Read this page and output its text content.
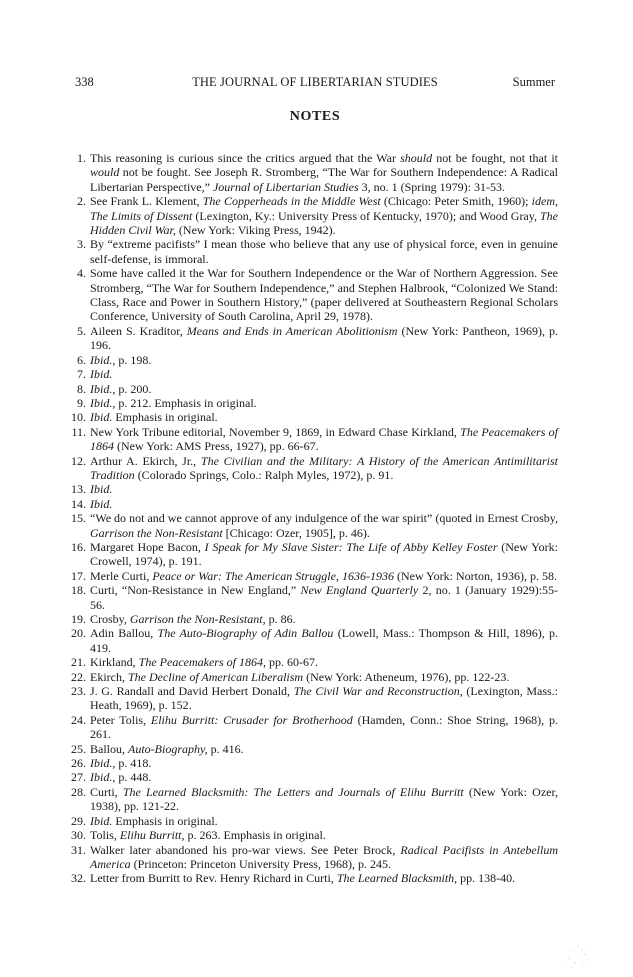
338	THE JOURNAL OF LIBERTARIAN STUDIES	Summer
NOTES
1. This reasoning is curious since the critics argued that the War should not be fought, not that it would not be fought. See Joseph R. Stromberg, “The War for Southern Independence: A Radical Libertarian Perspective,” Journal of Libertarian Studies 3, no. 1 (Spring 1979): 31-53.
2. See Frank L. Klement, The Copperheads in the Middle West (Chicago: Peter Smith, 1960); idem, The Limits of Dissent (Lexington, Ky.: University Press of Kentucky, 1970); and Wood Gray, The Hidden Civil War, (New York: Viking Press, 1942).
3. By “extreme pacifists” I mean those who believe that any use of physical force, even in genuine self-defense, is immoral.
4. Some have called it the War for Southern Independence or the War of Northern Aggression. See Stromberg, “The War for Southern Independence,” and Stephen Halbrook, “Colonized We Stand: Class, Race and Power in Southern History,” (paper delivered at Southeastern Regional Scholars Conference, University of South Carolina, April 29, 1978).
5. Aileen S. Kraditor, Means and Ends in American Abolitionism (New York: Pantheon, 1969), p. 196.
6. Ibid., p. 198.
7. Ibid.
8. Ibid., p. 200.
9. Ibid., p. 212. Emphasis in original.
10. Ibid. Emphasis in original.
11. New York Tribune editorial, November 9, 1869, in Edward Chase Kirkland, The Peacemakers of 1864 (New York: AMS Press, 1927), pp. 66-67.
12. Arthur A. Ekirch, Jr., The Civilian and the Military: A History of the American Antimilitarist Tradition (Colorado Springs, Colo.: Ralph Myles, 1972), p. 91.
13. Ibid.
14. Ibid.
15. “We do not and we cannot approve of any indulgence of the war spirit” (quoted in Ernest Crosby, Garrison the Non-Resistant [Chicago: Ozer, 1905], p. 46).
16. Margaret Hope Bacon, I Speak for My Slave Sister: The Life of Abby Kelley Foster (New York: Crowell, 1974), p. 191.
17. Merle Curti, Peace or War: The American Struggle, 1636-1936 (New York: Norton, 1936), p. 58.
18. Curti, “Non-Resistance in New England,” New England Quarterly 2, no. 1 (January 1929):55-56.
19. Crosby, Garrison the Non-Resistant, p. 86.
20. Adin Ballou, The Auto-Biography of Adin Ballou (Lowell, Mass.: Thompson & Hill, 1896), p. 419.
21. Kirkland, The Peacemakers of 1864, pp. 60-67.
22. Ekirch, The Decline of American Liberalism (New York: Atheneum, 1976), pp. 122-23.
23. J. G. Randall and David Herbert Donald, The Civil War and Reconstruction, (Lexington, Mass.: Heath, 1969), p. 152.
24. Peter Tolis, Elihu Burritt: Crusader for Brotherhood (Hamden, Conn.: Shoe String, 1968), p. 261.
25. Ballou, Auto-Biography, p. 416.
26. Ibid., p. 418.
27. Ibid., p. 448.
28. Curti, The Learned Blacksmith: The Letters and Journals of Elihu Burritt (New York: Ozer, 1938), pp. 121-22.
29. Ibid. Emphasis in original.
30. Tolis, Elihu Burritt, p. 263. Emphasis in original.
31. Walker later abandoned his pro-war views. See Peter Brock, Radical Pacifists in Antebellum America (Princeton: Princeton University Press, 1968), p. 245.
32. Letter from Burritt to Rev. Henry Richard in Curti, The Learned Blacksmith, pp. 138-40.
